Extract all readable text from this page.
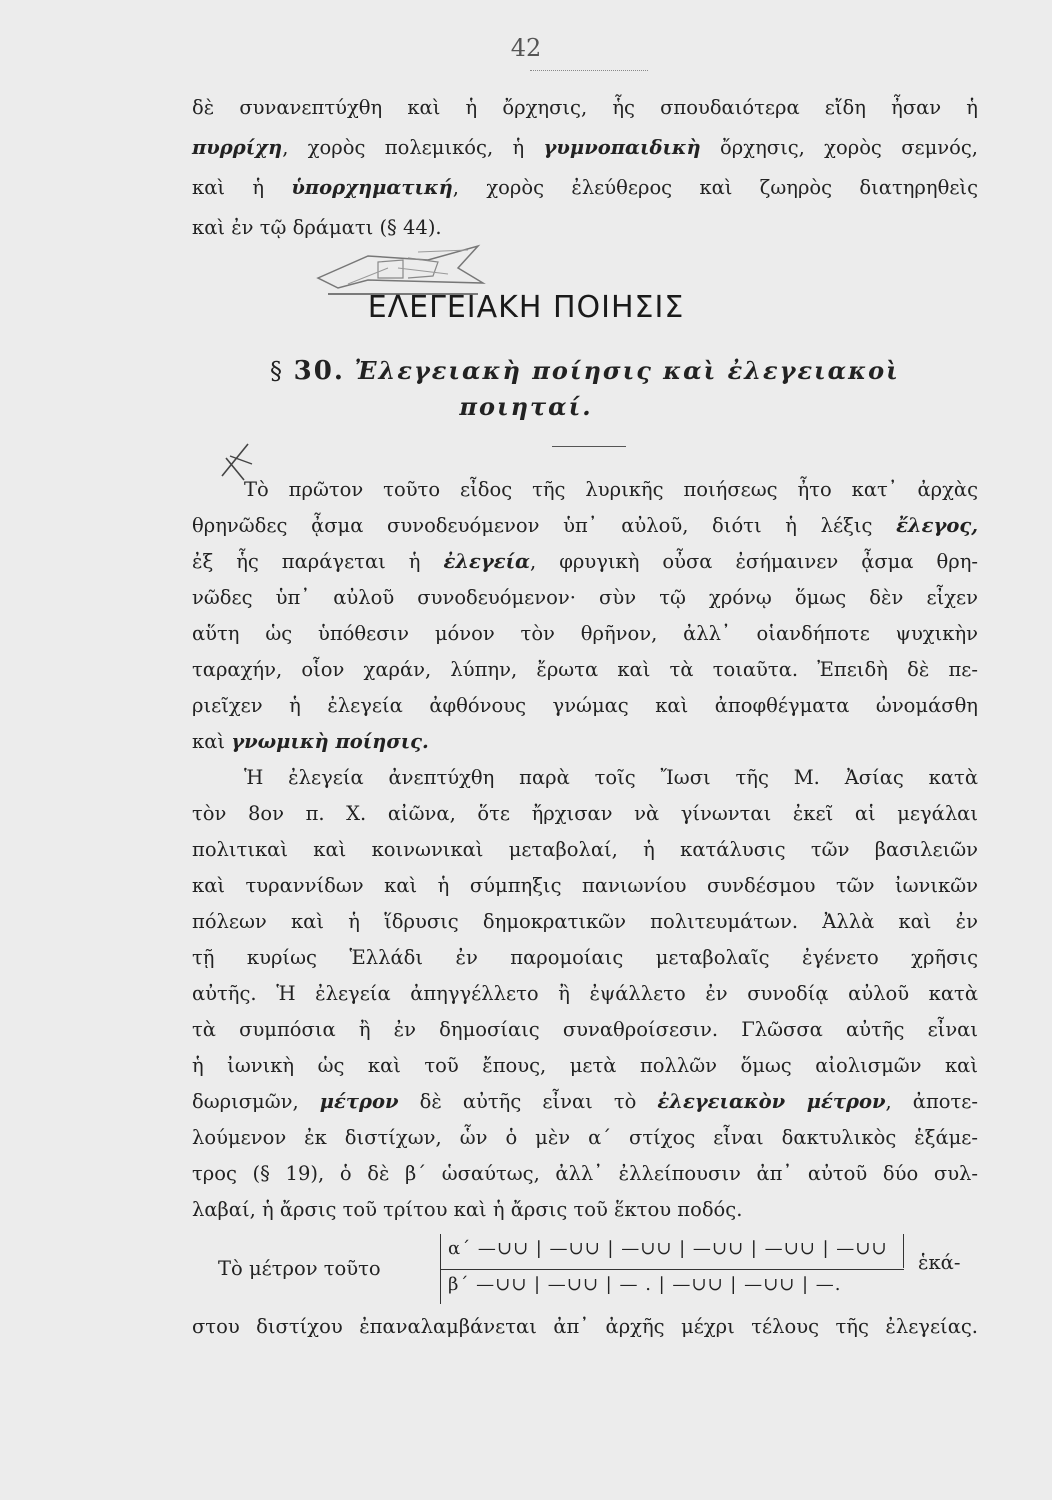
42
δὲ συνανεπτύχθη καὶ ἡ ὄρχησις, ἧς σπουδαιότερα εἴδη ἦσαν ἡ
πυρρίχη, χορὸς πολεμικός, ἡ γυμνοπαιδικὴ ὄρχησις, χορὸς σεμνός,
καὶ ἡ ὑπορχηματική, χορὸς ἐλεύθερος καὶ ζωηρὸς διατηρηθεὶς
καὶ ἐν τῷ δράματι (§ 44).
ΕΛΕΓΕΙΑΚΗ ΠΟΙΗΣΙΣ
§ 30. Ἐλεγειακὴ ποίησις καὶ ἐλεγειακοὶ
ποιηταί.
Τὸ πρῶτον τοῦτο εἶδος τῆς λυρικῆς ποιήσεως ἦτο κατ᾽ ἀρχὰς
θρηνῶδες ᾆσμα συνοδευόμενον ὑπ᾽ αὐλοῦ, διότι ἡ λέξις ἔλεγος,
ἐξ ἧς παράγεται ἡ ἐλεγεία, φρυγικὴ οὖσα ἐσήμαινεν ᾆσμα θρη-
νῶδες ὑπ᾽ αὐλοῦ συνοδευόμενον· σὺν τῷ χρόνῳ ὅμως δὲν εἶχεν
αὕτη ὡς ὑπόθεσιν μόνον τὸν θρῆνον, ἀλλ᾽ οἱανδήποτε ψυχικὴν
ταραχήν, οἷον χαράν, λύπην, ἔρωτα καὶ τὰ τοιαῦτα. Ἐπειδὴ δὲ πε-
ριεῖχεν ἡ ἐλεγεία ἀφθόνους γνώμας καὶ ἀποφθέγματα ὠνομάσθη
καὶ γνωμικὴ ποίησις.
Ἡ ἐλεγεία ἀνεπτύχθη παρὰ τοῖς Ἴωσι τῆς Μ. Ἀσίας κατὰ
τὸν 8ον π. Χ. αἰῶνα, ὅτε ἤρχισαν νὰ γίνωνται ἐκεῖ αἱ μεγάλαι
πολιτικαὶ καὶ κοινωνικαὶ μεταβολαί, ἡ κατάλυσις τῶν βασιλειῶν
καὶ τυραννίδων καὶ ἡ σύμπηξις πανιωνίου συνδέσμου τῶν ἰωνικῶν
πόλεων καὶ ἡ ἵδρυσις δημοκρατικῶν πολιτευμάτων. Ἀλλὰ καὶ ἐν
τῇ κυρίως Ἑλλάδι ἐν παρομοίαις μεταβολαῖς ἐγένετο χρῆσις
αὐτῆς. Ἡ ἐλεγεία ἀπηγγέλλετο ἢ ἐψάλλετο ἐν συνοδίᾳ αὐλοῦ κατὰ
τὰ συμπόσια ἢ ἐν δημοσίαις συναθροίσεσιν. Γλῶσσα αὐτῆς εἶναι
ἡ ἰωνικὴ ὡς καὶ τοῦ ἔπους, μετὰ πολλῶν ὅμως αἰολισμῶν καὶ
δωρισμῶν, μέτρον δὲ αὐτῆς εἶναι τὸ ἐλεγειακὸν μέτρον, ἀποτε-
λούμενον ἐκ διστίχων, ὧν ὁ μὲν α΄ στίχος εἶναι δακτυλικὸς ἑξάμε-
τρος (§ 19), ὁ δὲ β΄ ὡσαύτως, ἀλλ᾽ ἐλλείπουσιν ἀπ᾽ αὐτοῦ δύο συλ-
λαβαί, ἡ ἄρσις τοῦ τρίτου καὶ ἡ ἄρσις τοῦ ἕκτου ποδός.
Τὸ μέτρον τοῦτο
α΄ —∪∪ | —∪∪ | —∪∪ | —∪∪ | —∪∪ | —∪∪
β΄ —∪∪ | —∪∪ | — . | —∪∪ | —∪∪ | —.
ἑκά-
στου διστίχου ἐπαναλαμβάνεται ἀπ᾽ ἀρχῆς μέχρι τέλους τῆς ἐλεγείας.
